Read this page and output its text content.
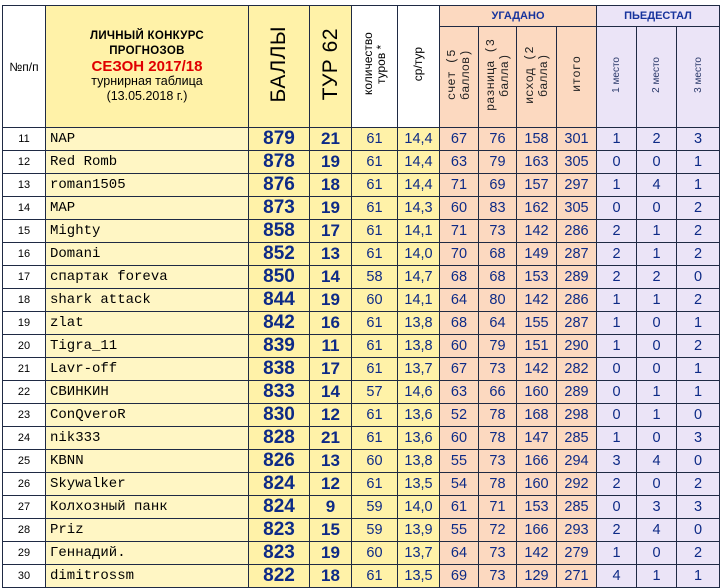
№п/п	ЛИЧНЫЙ КОНКУРС
ПРОГНОЗОВ
СЕЗОН 2017/18
турнирная таблица
(13.05.2018 г.)	БАЛЛЫ	ТУР 62	количество туров *	ср/тур	УГАДАНО				ПЬЕДЕСТАЛ		
						счет (5 баллов)	разница (3 балла)	исход (2 балла)	итого	1 место	2 место	3 место
11	NAP	879	21	61	14,4	67	76	158	301	1	2	3
12	Red Romb	878	19	61	14,4	63	79	163	305	0	0	1
13	roman1505	876	18	61	14,4	71	69	157	297	1	4	1
14	MAP	873	19	61	14,3	60	83	162	305	0	0	2
15	Mighty	858	17	61	14,1	71	73	142	286	2	1	2
16	Domani	852	13	61	14,0	70	68	149	287	2	1	2
17	спартак foreva	850	14	58	14,7	68	68	153	289	2	2	0
18	shark attack	844	19	60	14,1	64	80	142	286	1	1	2
19	zlat	842	16	61	13,8	68	64	155	287	1	0	1
20	Tigra_11	839	11	61	13,8	60	79	151	290	1	0	2
21	Lavr-off	838	17	61	13,7	67	73	142	282	0	0	1
22	СВИНКИН	833	14	57	14,6	63	66	160	289	0	1	1
23	ConQveroR	830	12	61	13,6	52	78	168	298	0	1	0
24	nik333	828	21	61	13,6	60	78	147	285	1	0	3
25	KBNN	826	13	60	13,8	55	73	166	294	3	4	0
26	Skywalker	824	12	61	13,5	54	78	160	292	2	0	2
27	Колхозный панк	824	9	59	14,0	61	71	153	285	0	3	3
28	Priz	823	15	59	13,9	55	72	166	293	2	4	0
29	Геннадий.	823	19	60	13,7	64	73	142	279	1	0	2
30	dimitrossm	822	18	61	13,5	69	73	129	271	4	1	1
